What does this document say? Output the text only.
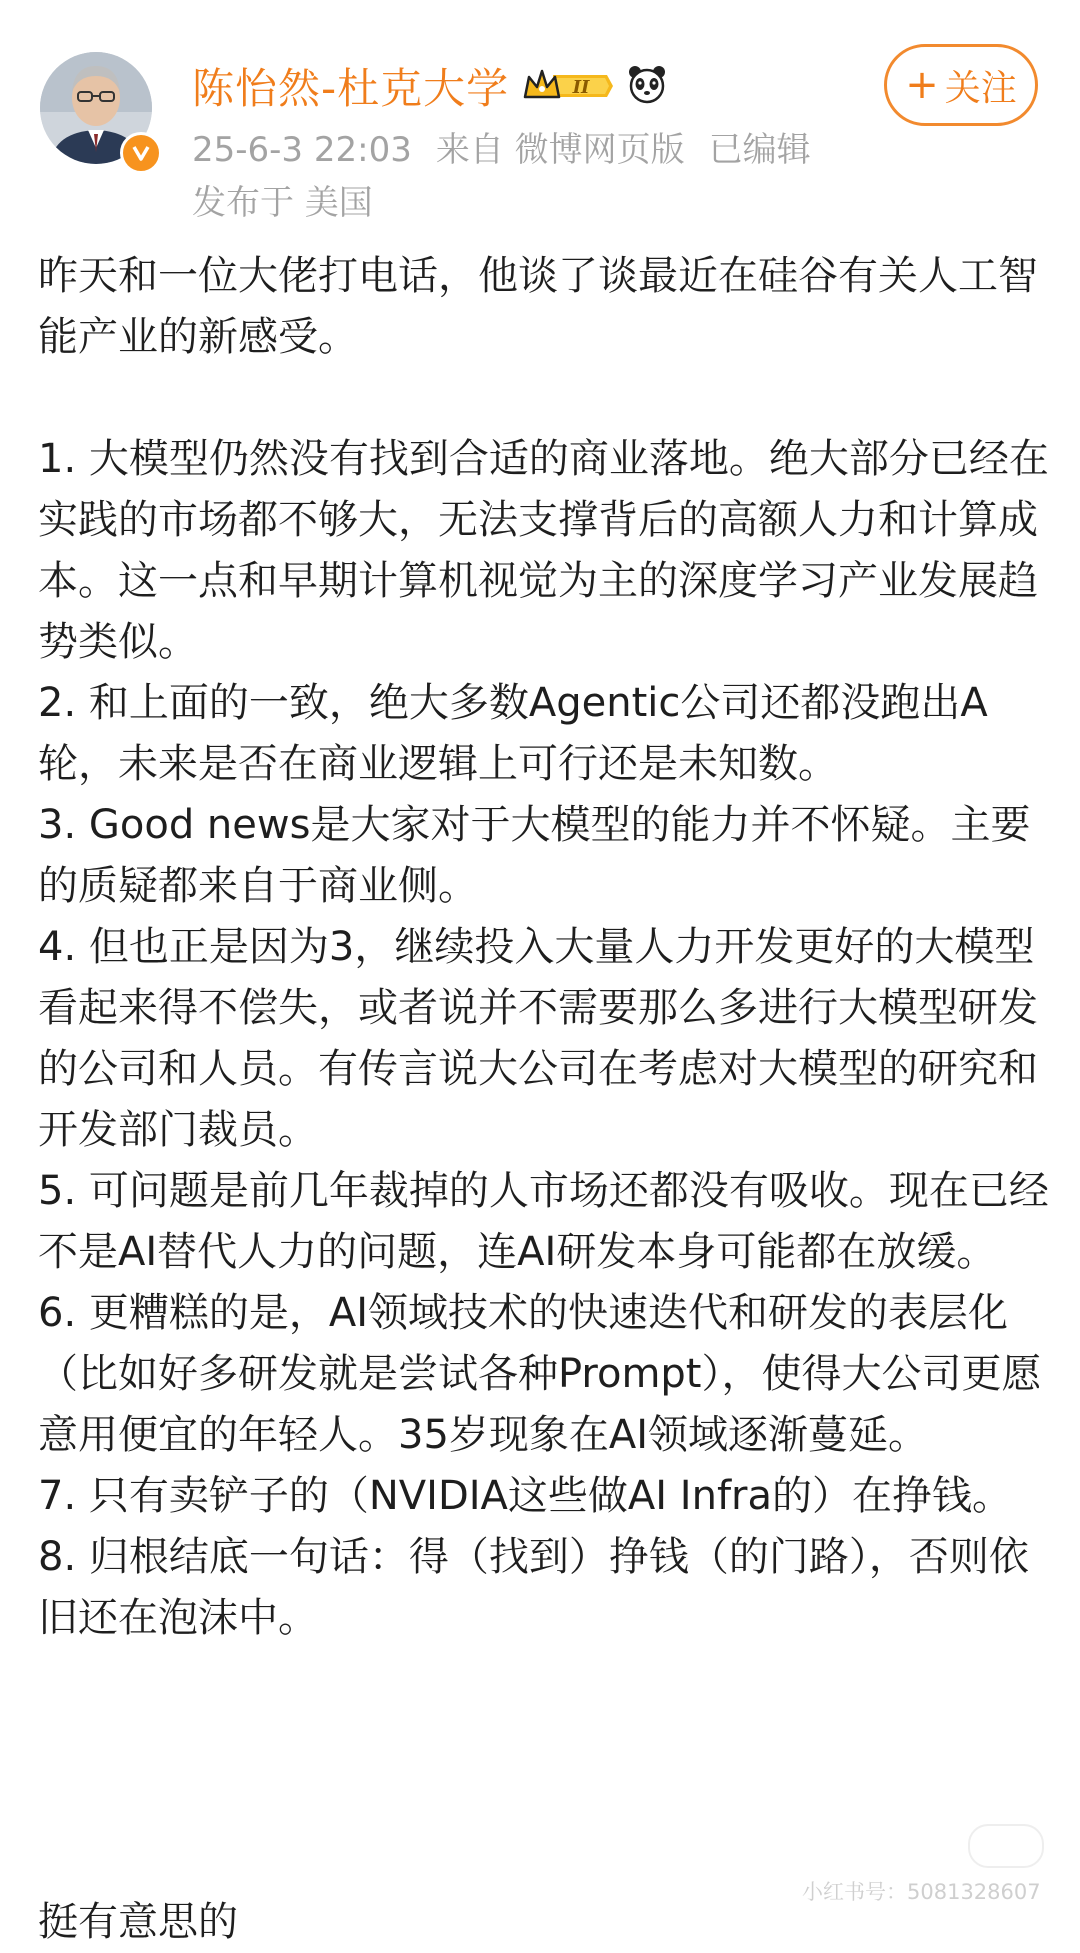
陈怡然-杜克大学	II
25-6-3 22:03 来自 微博网页版 已编辑
发布于 美国
+ 关注

昨天和一位大佬打电话，他谈了谈最近在硅谷有关人工智能产业的新感受。

1. 大模型仍然没有找到合适的商业落地。绝大部分已经在实践的市场都不够大，无法支撑背后的高额人力和计算成本。这一点和早期计算机视觉为主的深度学习产业发展趋势类似。

2. 和上面的一致，绝大多数Agentic公司还都没跑出A轮，未来是否在商业逻辑上可行还是未知数。

3. Good news是大家对于大模型的能力并不怀疑。主要的质疑都来自于商业侧。

4. 但也正是因为3，继续投入大量人力开发更好的大模型看起来得不偿失，或者说并不需要那么多进行大模型研发的公司和人员。有传言说大公司在考虑对大模型的研究和开发部门裁员。

5. 可问题是前几年裁掉的人市场还都没有吸收。现在已经不是AI替代人力的问题，连AI研发本身可能都在放缓。

6. 更糟糕的是，AI领域技术的快速迭代和研发的表层化（比如好多研发就是尝试各种Prompt），使得大公司更愿意用便宜的年轻人。35岁现象在AI领域逐渐蔓延。

7. 只有卖铲子的（NVIDIA这些做AI Infra的）在挣钱。

8. 归根结底一句话：得（找到）挣钱（的门路），否则依旧还在泡沫中。

小红书号：5081328607
挺有意思的
